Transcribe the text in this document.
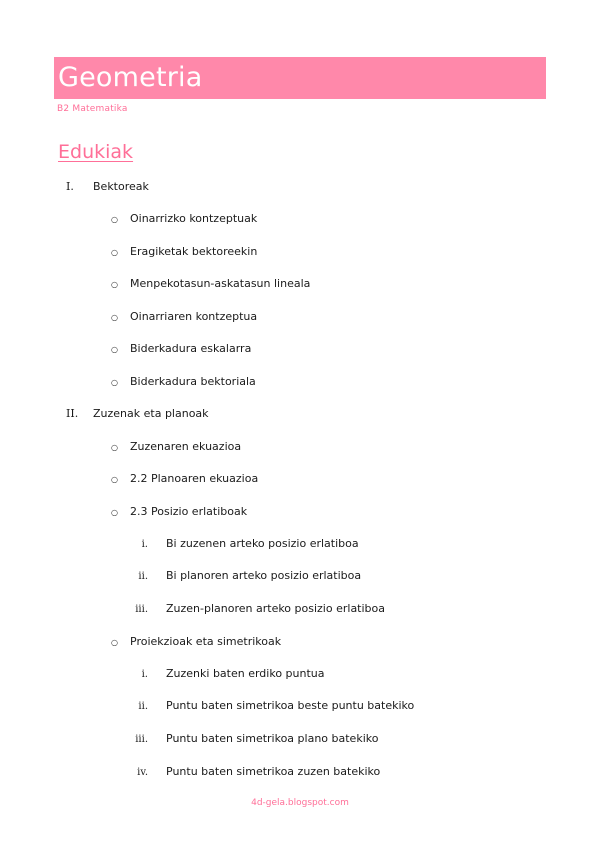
Geometria
B2 Matematika
Edukiak
I. Bektoreak
○ Oinarrizko kontzeptuak
○ Eragiketak bektoreekin
○ Menpekotasun-askatasun lineala
○ Oinarriaren kontzeptua
○ Biderkadura eskalarra
○ Biderkadura bektoriala
II. Zuzenak eta planoak
○ Zuzenaren ekuazioa
○ 2.2 Planoaren ekuazioa
○ 2.3 Posizio erlatiboak
i. Bi zuzenen arteko posizio erlatiboa
ii. Bi planoren arteko posizio erlatiboa
iii. Zuzen-planoren arteko posizio erlatiboa
○ Proiekzioak eta simetrikoak
i. Zuzenki baten erdiko puntua
ii. Puntu baten simetrikoa beste puntu batekiko
iii. Puntu baten simetrikoa plano batekiko
iv. Puntu baten simetrikoa zuzen batekiko
4d-gela.blogspot.com
